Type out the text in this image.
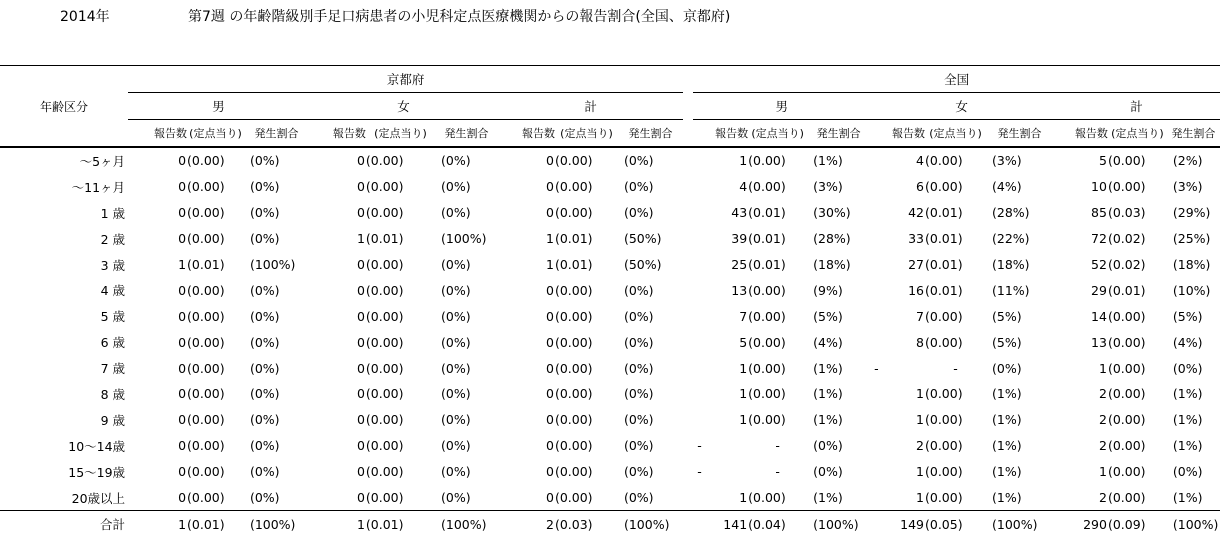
2014年	第7週 の年齢階級別手足口病患者の小児科定点医療機関からの報告割合(全国、京都府)
年齢区分	京都府										全国								
	男			女			計				男			女			計		
	報告数	(定点当り)	発生割合	報告数	(定点当り)	発生割合	報告数	(定点当り)	発生割合		報告数	(定点当り)	発生割合	報告数	(定点当り)	発生割合	報告数	(定点当り)	発生割合
～5ヶ月	0	(0.00)	(0%)	0	(0.00)	(0%)	0	(0.00)	(0%)		1	(0.00)	(1%)	4	(0.00)	(3%)	5	(0.00)	(2%)
～11ヶ月	0	(0.00)	(0%)	0	(0.00)	(0%)	0	(0.00)	(0%)		4	(0.00)	(3%)	6	(0.00)	(4%)	10	(0.00)	(3%)
1 歳	0	(0.00)	(0%)	0	(0.00)	(0%)	0	(0.00)	(0%)		43	(0.01)	(30%)	42	(0.01)	(28%)	85	(0.03)	(29%)
2 歳	0	(0.00)	(0%)	1	(0.01)	(100%)	1	(0.01)	(50%)		39	(0.01)	(28%)	33	(0.01)	(22%)	72	(0.02)	(25%)
3 歳	1	(0.01)	(100%)	0	(0.00)	(0%)	1	(0.01)	(50%)		25	(0.01)	(18%)	27	(0.01)	(18%)	52	(0.02)	(18%)
4 歳	0	(0.00)	(0%)	0	(0.00)	(0%)	0	(0.00)	(0%)		13	(0.00)	(9%)	16	(0.01)	(11%)	29	(0.01)	(10%)
5 歳	0	(0.00)	(0%)	0	(0.00)	(0%)	0	(0.00)	(0%)		7	(0.00)	(5%)	7	(0.00)	(5%)	14	(0.00)	(5%)
6 歳	0	(0.00)	(0%)	0	(0.00)	(0%)	0	(0.00)	(0%)		5	(0.00)	(4%)	8	(0.00)	(5%)	13	(0.00)	(4%)
7 歳	0	(0.00)	(0%)	0	(0.00)	(0%)	0	(0.00)	(0%)		1	(0.00)	(1%)	-	-	(0%)	1	(0.00)	(0%)
8 歳	0	(0.00)	(0%)	0	(0.00)	(0%)	0	(0.00)	(0%)		1	(0.00)	(1%)	1	(0.00)	(1%)	2	(0.00)	(1%)
9 歳	0	(0.00)	(0%)	0	(0.00)	(0%)	0	(0.00)	(0%)		1	(0.00)	(1%)	1	(0.00)	(1%)	2	(0.00)	(1%)
10～14歳	0	(0.00)	(0%)	0	(0.00)	(0%)	0	(0.00)	(0%)		-	-	(0%)	2	(0.00)	(1%)	2	(0.00)	(1%)
15～19歳	0	(0.00)	(0%)	0	(0.00)	(0%)	0	(0.00)	(0%)		-	-	(0%)	1	(0.00)	(1%)	1	(0.00)	(0%)
20歳以上	0	(0.00)	(0%)	0	(0.00)	(0%)	0	(0.00)	(0%)		1	(0.00)	(1%)	1	(0.00)	(1%)	2	(0.00)	(1%)
合計	1	(0.01)	(100%)	1	(0.01)	(100%)	2	(0.03)	(100%)		141	(0.04)	(100%)	149	(0.05)	(100%)	290	(0.09)	(100%)
